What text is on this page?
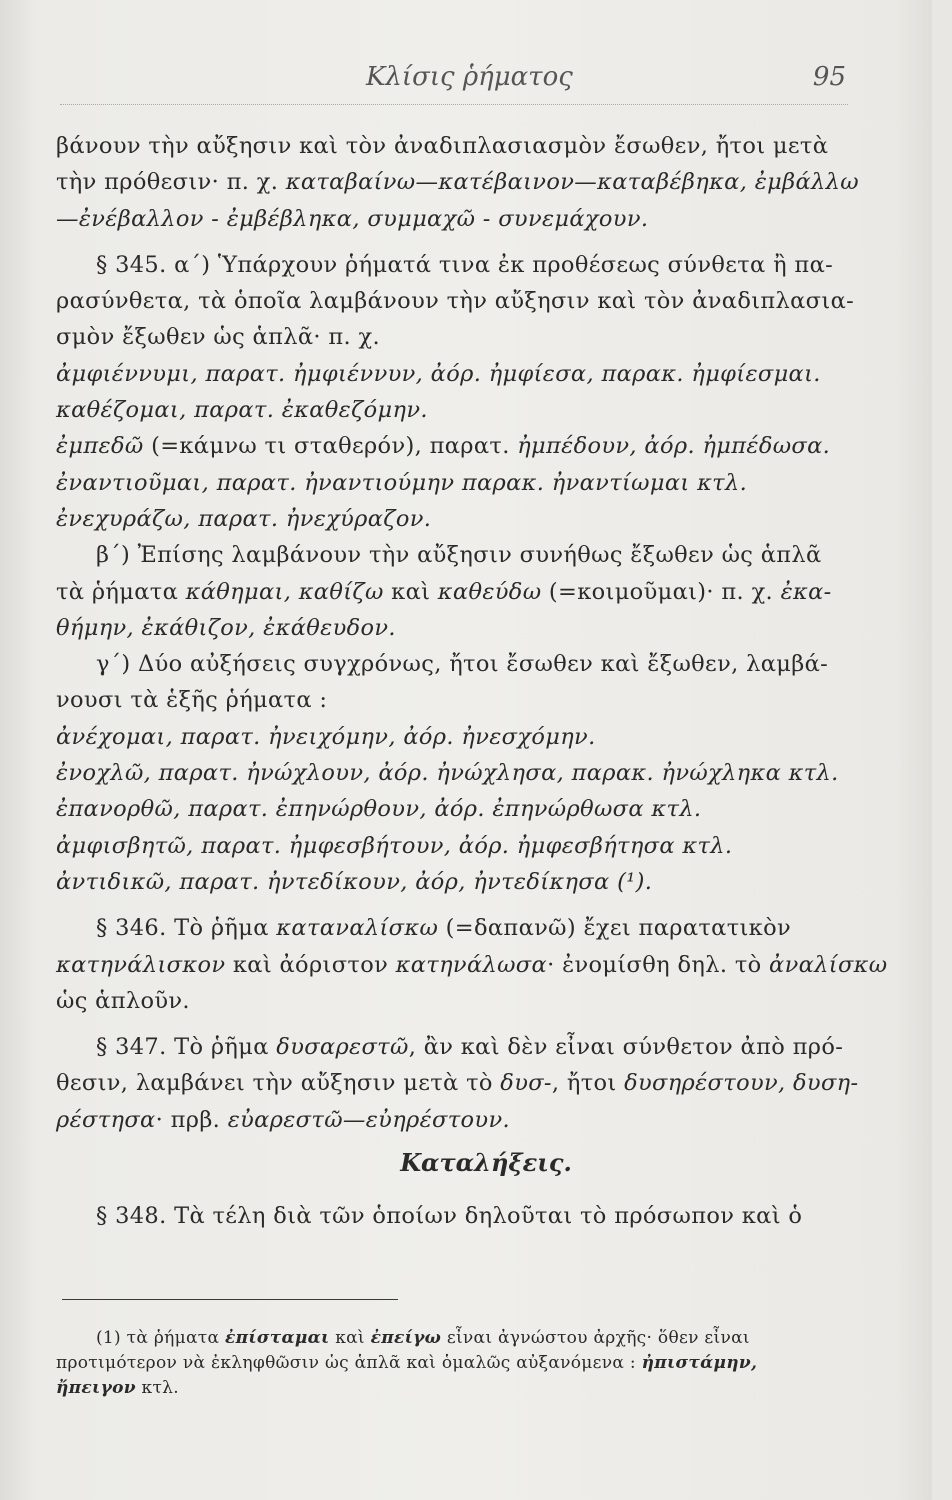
Κλίσις ῥήματος	95
βάνουν τὴν αὔξησιν καὶ τὸν ἀναδιπλασιασμὸν ἔσωθεν, ἤτοι μετὰ
τὴν πρόθεσιν· π. χ. καταβαίνω—κατέβαινον—καταβέβηκα, ἐμβάλλω
—ἐνέβαλλον - ἐμβέβληκα, συμμαχῶ - συνεμάχουν.
§ 345. α´) Ὑπάρχουν ῥήματά τινα ἐκ προθέσεως σύνθετα ἢ πα-
ρασύνθετα, τὰ ὁποῖα λαμβάνουν τὴν αὔξησιν καὶ τὸν ἀναδιπλασια-
σμὸν ἔξωθεν ὡς ἁπλᾶ· π. χ.
ἀμφιέννυμι, παρατ. ἠμφιέννυν, ἀόρ. ἠμφίεσα, παρακ. ἠμφίεσμαι.
καθέζομαι, παρατ. ἐκαθεζόμην.
ἐμπεδῶ (=κάμνω τι σταθερόν), παρατ. ἠμπέδουν, ἀόρ. ἠμπέδωσα.
ἐναντιοῦμαι, παρατ. ἠναντιούμην παρακ. ἠναντίωμαι κτλ.
ἐνεχυράζω, παρατ. ἠνεχύραζον.
β´) Ἐπίσης λαμβάνουν τὴν αὔξησιν συνήθως ἔξωθεν ὡς ἁπλᾶ
τὰ ῥήματα κάθημαι, καθίζω καὶ καθεύδω (=κοιμοῦμαι)· π. χ. ἐκα-
θήμην, ἐκάθιζον, ἐκάθευδον.
γ´) Δύο αὐξήσεις συγχρόνως, ἤτοι ἔσωθεν καὶ ἔξωθεν, λαμβά-
νουσι τὰ ἑξῆς ῥήματα :
ἀνέχομαι, παρατ. ἠνειχόμην, ἀόρ. ἠνεσχόμην.
ἐνοχλῶ, παρατ. ἠνώχλουν, ἀόρ. ἠνώχλησα, παρακ. ἠνώχληκα κτλ.
ἐπανορθῶ, παρατ. ἐπηνώρθουν, ἀόρ. ἐπηνώρθωσα κτλ.
ἀμφισβητῶ, παρατ. ἠμφεσβήτουν, ἀόρ. ἠμφεσβήτησα κτλ.
ἀντιδικῶ, παρατ. ἠντεδίκουν, ἀόρ, ἠντεδίκησα (¹).
§ 346. Τὸ ῥῆμα καταναλίσκω (=δαπανῶ) ἔχει παρατατικὸν
κατηνάλισκον καὶ ἀόριστον κατηνάλωσα· ἐνομίσθη δηλ. τὸ ἀναλίσκω
ὡς ἁπλοῦν.
§ 347. Τὸ ῥῆμα δυσαρεστῶ, ἂν καὶ δὲν εἶναι σύνθετον ἀπὸ πρό-
θεσιν, λαμβάνει τὴν αὔξησιν μετὰ τὸ δυσ-, ἤτοι δυσηρέστουν, δυση-
ρέστησα· πρβ. εὐαρεστῶ—εὐηρέστουν.
Καταλήξεις.
§ 348. Τὰ τέλη διὰ τῶν ὁποίων δηλοῦται τὸ πρόσωπον καὶ ὁ
(1) τὰ ῥήματα ἐπίσταμαι καὶ ἐπείγω εἶναι ἀγνώστου ἀρχῆς· ὅθεν εἶναι
προτιμότερον νὰ ἐκληφθῶσιν ὡς ἁπλᾶ καὶ ὁμαλῶς αὐξανόμενα : ἠπιστάμην,
ἤπειγον κτλ.
